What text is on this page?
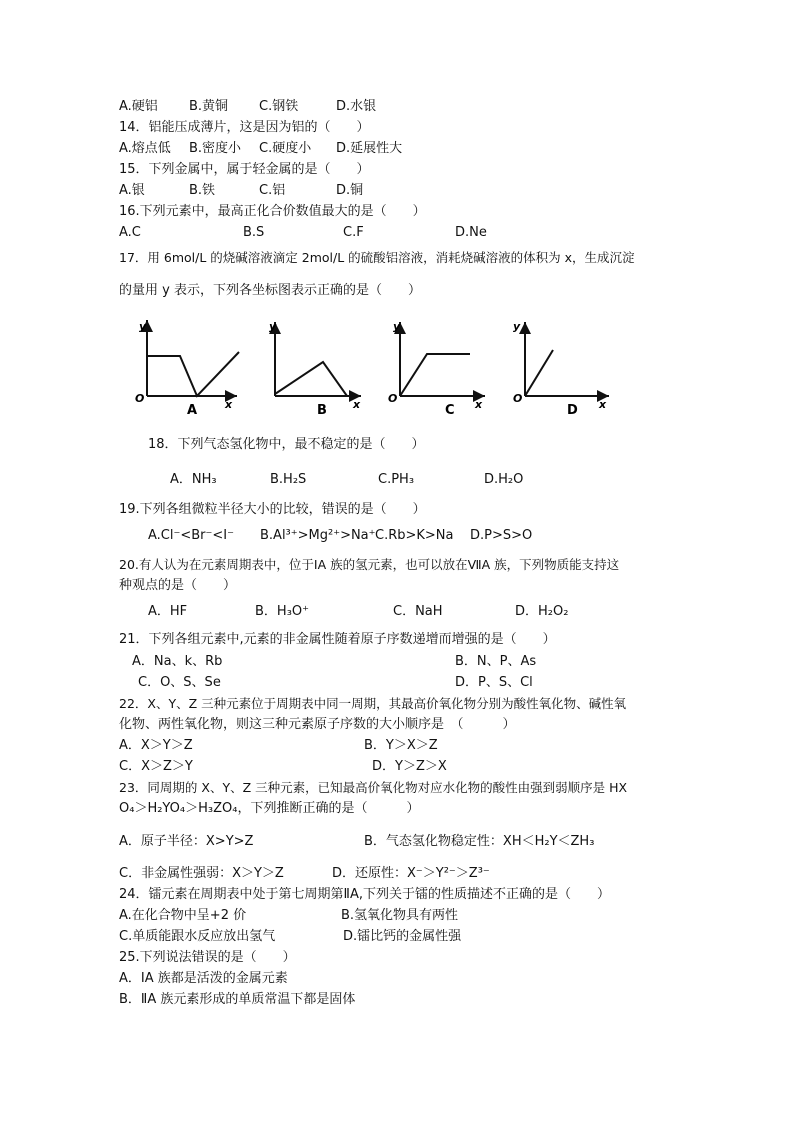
A.硬铝 B.黄铜 C.钢铁	D.水银
14．铝能压成薄片，这是因为铝的（　　）
A.熔点低 B.密度小 C.硬度小 D.延展性大
15．下列金属中，属于轻金属的是（　　）
A.银	B.铁	C.铝	D.铜
16.下列元素中，最高正化合价数值最大的是（　　）
A.C	B.S	C.F	D.Ne
17．用 6mol/L 的烧碱溶液滴定 2mol/L 的硫酸铝溶液，消耗烧碱溶液的体积为 x，生成沉淀
的量用 y 表示，下列各坐标图表示正确的是（　　）
O
y
x
A
y
x
B
O
y
x
C
O
y
x
D
18．下列气态氢化物中，最不稳定的是（　　）
A．NH₃	B.H₂S	C.PH₃	D.H₂O
19.下列各组微粒半径大小的比较，错误的是（　　）
A.Cl⁻<Br⁻<I⁻ B.Al³⁺>Mg²⁺>Na⁺ C.Rb>K>Na D.P>S>O
20.有人认为在元素周期表中，位于ⅠA 族的氢元素，也可以放在ⅦA 族，下列物质能支持这
种观点的是（　　）
A．HF	B．H₃O⁺	C．NaH	D．H₂O₂
21．下列各组元素中,元素的非金属性随着原子序数递增而增强的是（　　）
A．Na、k、Rb	B．N、P、As
C．O、S、Se	D．P、S、Cl
22．X、Y、Z 三种元素位于周期表中同一周期，其最高价氧化物分别为酸性氧化物、碱性氧
化物、两性氧化物，则这三种元素原子序数的大小顺序是　（　　　）
A．X＞Y＞Z	B．Y＞X＞Z
C．X＞Z＞Y	D．Y＞Z＞X
23．同周期的 X、Y、Z 三种元素，已知最高价氧化物对应水化物的酸性由强到弱顺序是 HX
O₄＞H₂YO₄＞H₃ZO₄，下列推断正确的是（　　　）
A．原子半径：X>Y>Z	B．气态氢化物稳定性：XH＜H₂Y＜ZH₃
C．非金属性强弱：X＞Y＞Z	D．还原性：X⁻＞Y²⁻＞Z³⁻
24．镭元素在周期表中处于第七周期第ⅡA,下列关于镭的性质描述不正确的是（　　）
A.在化合物中呈+2 价	B.氢氧化物具有两性
C.单质能跟水反应放出氢气	D.镭比钙的金属性强
25.下列说法错误的是（　　）
A．ⅠA 族都是活泼的金属元素
B．ⅡA 族元素形成的单质常温下都是固体
